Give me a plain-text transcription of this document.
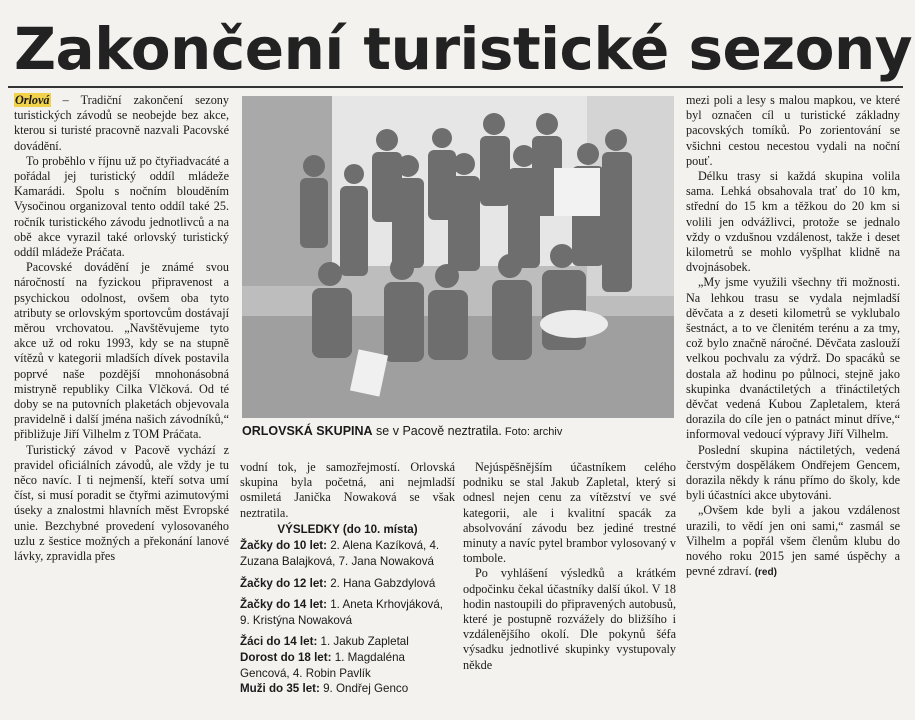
Zakončení turistické sezony

Orlová – Tradiční zakončení sezony turistických závodů se neobejde bez akce, kterou si turisté pracovně nazvali Pacovské dovádění.

To proběhlo v říjnu už po čtyřiadvacáté a pořádal jej turistický oddíl mládeže Kamarádi. Spolu s nočním blouděním Vysočinou organizoval tento oddíl také 25. ročník turistického závodu jednotlivců a na obě akce vyrazil také orlovský turistický oddíl mládeže Práčata.

Pacovské dovádění je známé svou náročností na fyzickou připravenost a psychickou odolnost, ovšem oba tyto atributy se orlovským sportovcům dostávají měrou vrchovatou. „Navštěvujeme tyto akce už od roku 1993, kdy se na stupně vítězů v kategorii mladších dívek postavila poprvé naše pozdější mnohonásobná mistryně republiky Cilka Vlčková. Od té doby se na putovních plaketách objevovala pravidelně i další jména našich závodníků,“ přibližuje Jiří Vilhelm z TOM Práčata.

Turistický závod v Pacově vychází z pravidel oficiálních závodů, ale vždy je tu něco navíc. I ti nejmenší, kteří sotva umí číst, si musí poradit se čtyřmi azimutovými úseky a znalostmi hlavních měst Evropské unie. Bezchybné provedení vylosovaného uzlu z šestice možných a překonání lanové lávky, zpravidla přes

ORLOVSKÁ SKUPINA se v Pacově neztratila. Foto: archiv

vodní tok, je samozřejmostí. Orlovská skupina byla početná, ani nejmladší osmiletá Janička Nowaková se však neztratila.

VÝSLEDKY (do 10. místa)
Žačky do 10 let: 2. Alena Kazíková, 4. Zuzana Balajková, 7. Jana Nowaková
Žačky do 12 let: 2. Hana Gabzdylová
Žačky do 14 let: 1. Aneta Krhovjáková, 9. Kristýna Nowaková
Žáci do 14 let: 1. Jakub Zapletal
Dorost do 18 let: 1. Magdaléna Gencová, 4. Robin Pavlík
Muži do 35 let: 9. Ondřej Genco

Nejúspěšnějším účastníkem celého podniku se stal Jakub Zapletal, který si odnesl nejen cenu za vítězství ve své kategorii, ale i kvalitní spacák za absolvování závodu bez jediné trestné minuty a navíc pytel brambor vylosovaný v tombole.

Po vyhlášení výsledků a krátkém odpočinku čekal účastníky další úkol. V 18 hodin nastoupili do připravených autobusů, které je postupně rozvážely do bližšího i vzdálenějšího okolí. Dle pokynů šéfa výsadku jednotlivé skupinky vystupovaly někde

mezi poli a lesy s malou mapkou, ve které byl označen cíl u turistické základny pacovských tomíků. Po zorientování se všichni cestou necestou vydali na noční pouť.

Délku trasy si každá skupina volila sama. Lehká obsahovala trať do 10 km, střední do 15 km a těžkou do 20 km si volili jen odvážlivci, protože se jednalo vždy o vzdušnou vzdálenost, takže i deset kilometrů se mohlo vyšplhat klidně na dvojnásobek.

„My jsme využili všechny tři možnosti. Na lehkou trasu se vydala nejmladší děvčata a z deseti kilometrů se vyklubalo šestnáct, a to ve členitém terénu a za tmy, což bylo značně náročné. Děvčata zaslouží velkou pochvalu za výdrž. Do spacáků se dostala až hodinu po půlnoci, stejně jako skupinka dvanáctiletých a třináctiletých děvčat vedená Kubou Zapletalem, která dorazila do cíle jen o patnáct minut dříve,“ informoval vedoucí výpravy Jiří Vilhelm.

Poslední skupina náctiletých, vedená čerstvým dospělákem Ondřejem Gencem, dorazila někdy k ránu přímo do školy, kde byli účastníci akce ubytováni.

„Ovšem kde byli a jakou vzdálenost urazili, to vědí jen oni sami,“ zasmál se Vilhelm a popřál všem členům klubu do nového roku 2015 jen samé úspěchy a pevné zdraví. (red)
